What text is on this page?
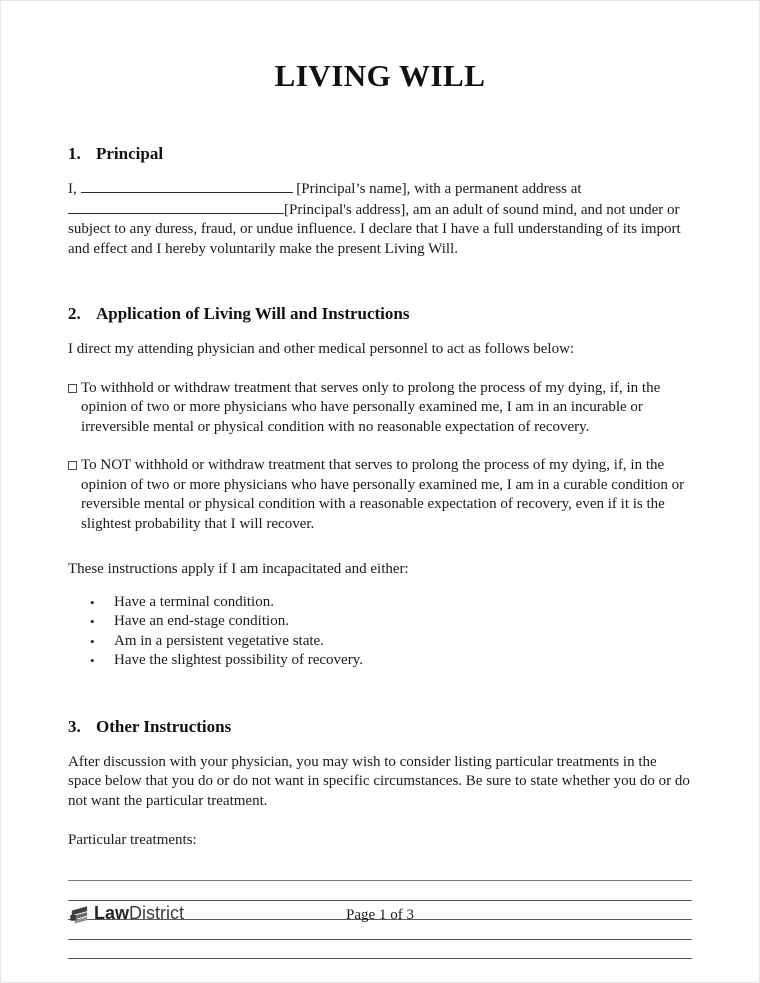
LIVING WILL
1. Principal

I,	[Principal’s name], with a permanent address at [Principal's address], am an adult of sound mind, and not under or subject to any duress, fraud, or undue influence. I declare that I have a full understanding of its import and effect and I hereby voluntarily make the present Living Will.

2. Application of Living Will and Instructions

I direct my attending physician and other medical personnel to act as follows below:

To withhold or withdraw treatment that serves only to prolong the process of my dying, if, in the opinion of two or more physicians who have personally examined me, I am in an incurable or irreversible mental or physical condition with no reasonable expectation of recovery.

To NOT withhold or withdraw treatment that serves to prolong the process of my dying, if, in the opinion of two or more physicians who have personally examined me, I am in a curable condition or reversible mental or physical condition with a reasonable expectation of recovery, even if it is the slightest probability that I will recover.

These instructions apply if I am incapacitated and either:

• Have a terminal condition.
• Have an end-stage condition.
• Am in a persistent vegetative state.
• Have the slightest possibility of recovery.
3. Other Instructions

After discussion with your physician, you may wish to consider listing particular treatments in the space below that you do or do not want in specific circumstances. Be sure to state whether you do or do not want the particular treatment.

Particular treatments:

Law District	Page 1 of 3
